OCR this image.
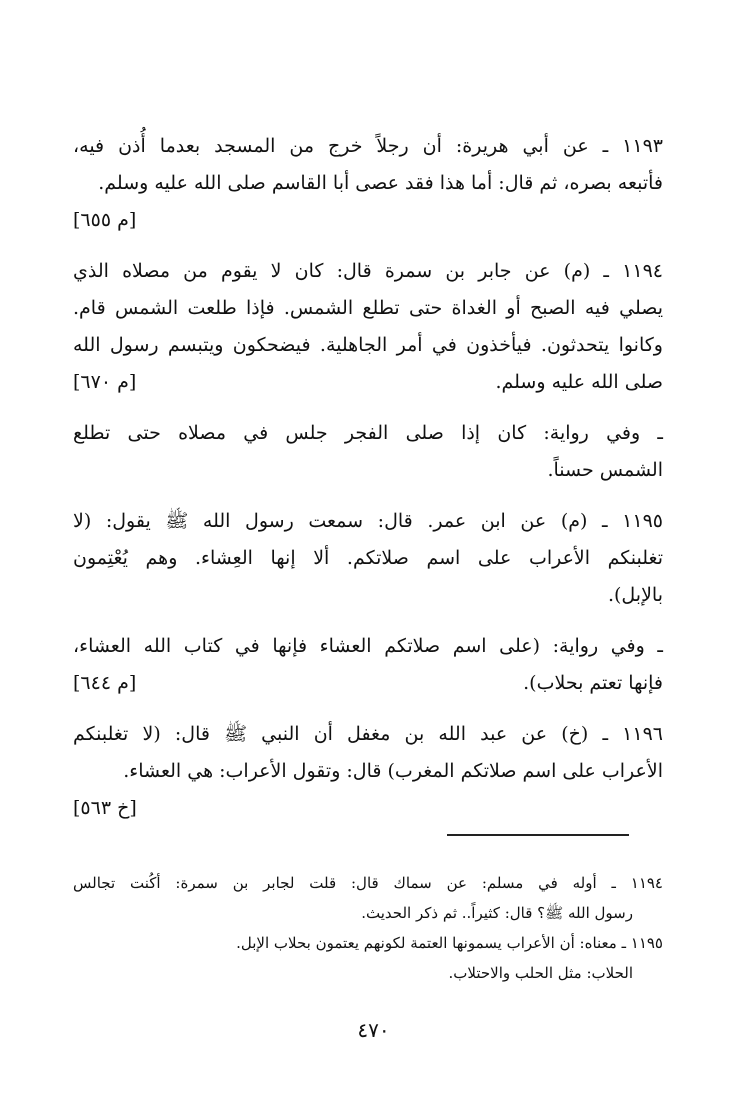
١١٩٣ ـ عن أبي هريرة: أن رجلاً خرج من المسجد بعدما أُذن فيه،
فأتبعه بصره، ثم قال: أما هذا فقد عصى أبا القاسم صلى الله عليه وسلم.
[م ٦٥٥]
١١٩٤ ـ (م) عن جابر بن سمرة قال: كان لا يقوم من مصلاه الذي
يصلي فيه الصبح أو الغداة حتى تطلع الشمس. فإذا طلعت الشمس قام.
وكانوا يتحدثون. فيأخذون في أمر الجاهلية. فيضحكون ويتبسم رسول الله
صلى الله عليه وسلم.
[م ٦٧٠]
ـ وفي رواية: كان إذا صلى الفجر جلس في مصلاه حتى تطلع
الشمس حسناً.
١١٩٥ ـ (م) عن ابن عمر. قال: سمعت رسول الله ﷺ يقول: (لا
تغلبنكم الأعراب على اسم صلاتكم. ألا إنها العِشاء. وهم يُعْتِمون
بالإبل).
ـ وفي رواية: (على اسم صلاتكم العشاء فإنها في كتاب الله العشاء،
فإنها تعتم بحلاب).
[م ٦٤٤]
١١٩٦ ـ (خ) عن عبد الله بن مغفل أن النبي ﷺ قال: (لا تغلبنكم
الأعراب على اسم صلاتكم المغرب) قال: وتقول الأعراب: هي العشاء.
[خ ٥٦٣]
١١٩٤ ـ أوله في مسلم: عن سماك قال: قلت لجابر بن سمرة: أكُنت تجالس
رسول الله ﷺ؟ قال: كثيراً.. ثم ذكر الحديث.
١١٩٥ ـ معناه: أن الأعراب يسمونها العتمة لكونهم يعتمون بحلاب الإبل.
الحلاب: مثل الحلب والاحتلاب.
٤٧٠
